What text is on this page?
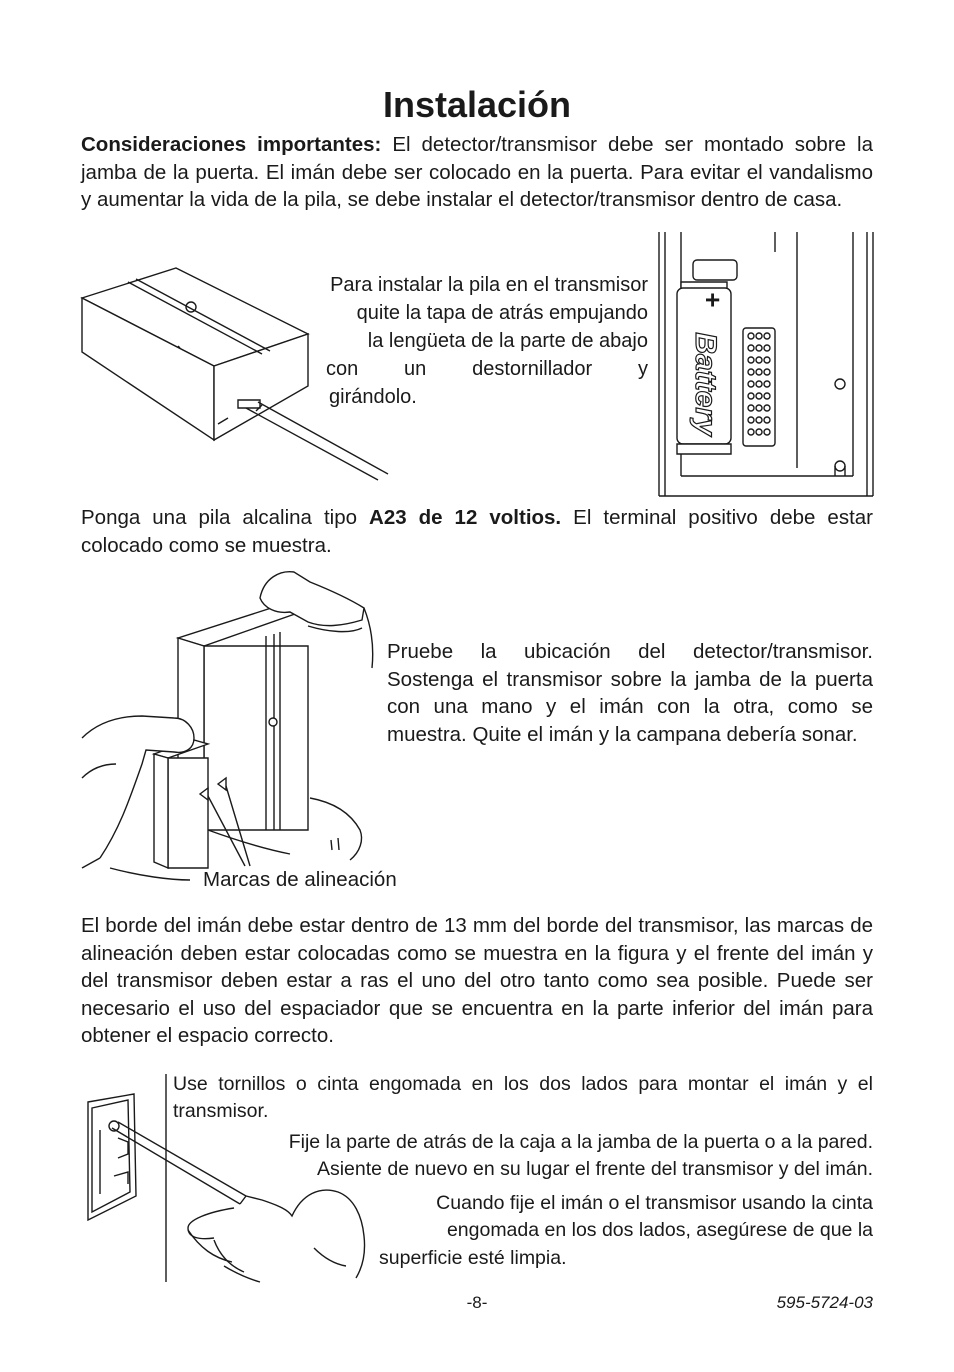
Instalación
Consideraciones importantes: El detector/transmisor debe ser montado sobre la jamba de la puerta. El imán debe ser colocado en la puerta. Para evitar el vandalismo y aumentar la vida de la pila, se debe instalar el detector/transmisor dentro de casa.
Para instalar la pila en el transmisor
quite la tapa de atrás empujando
la lengüeta de la parte de abajo
con un destornillador y
girándolo.
+
Battery
Ponga una pila alcalina tipo A23 de 12 voltios. El terminal positivo debe estar colocado como se muestra.
Pruebe la ubicación del detector/transmisor. Sostenga el transmisor sobre la jamba de la puerta con una mano y el imán con la otra, como se muestra. Quite el imán y la campana debería sonar.
Marcas de alineación
El borde del imán debe estar dentro de 13 mm del borde del transmisor, las marcas de alineación deben estar colocadas como se muestra en la figura y el frente del imán y del transmisor deben estar a ras el uno del otro tanto como sea posible. Puede ser necesario el uso del espaciador que se encuentra en la parte inferior del imán para obtener el espacio correcto.
Use tornillos o cinta engomada en los dos lados para montar el imán y el transmisor.
Fije la parte de atrás de la caja a la jamba de la puerta o a la pared.
Asiente de nuevo en su lugar el frente del transmisor y del imán.
Cuando fije el imán o el transmisor usando la cinta
engomada en los dos lados, asegúrese de que la
superficie esté limpia.
-8-	595-5724-03
